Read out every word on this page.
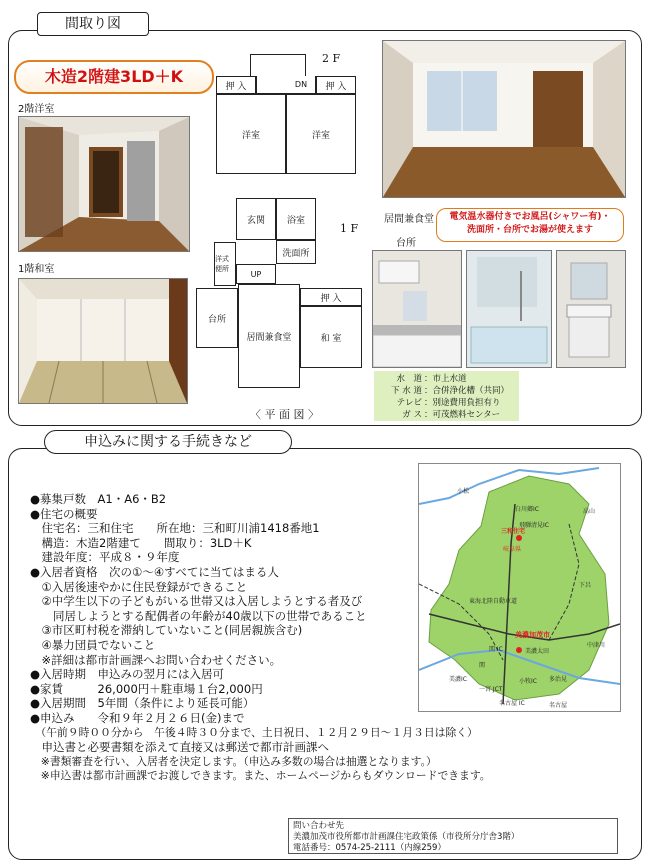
間取り図
木造2階建3LD＋K
2階洋室
1階和室
2 F
押 入	押 入
DN
洋室	洋室
1 F
玄関	浴室
洗面所
洋式便所
UP
台所
居間兼食堂
押 入
和 室
〈 平 面 図 〉
居間兼食堂
台所
電気温水器付きでお風呂(シャワー有)・
洗面所・台所でお湯が使えます
水　道 ：市上水道
下 水 道 ：合併浄化槽（共同）
テレビ ：別途費用負担有り
ガ ス ：可茂燃料センター
申込みに関する手続きなど
三和住宅
岐阜県
東海北陸自動車道
美濃加茂市
関 IC	美濃太田
関
美濃IC
一宮 JCT
名古屋 IC
小牧IC
名古屋
多治見
中津川
高山
下呂
小松
白川郷IC
飛騨清見IC
●募集戸数　A1・A6・B2
●住宅の概要
　住宅名：三和住宅　　所在地：三和町川浦1418番地1
　構造：木造2階建て　　間取り：3LD＋K
　建設年度：平成８・９年度
●入居者資格　次の①～④すべてに当てはまる人
　①入居後速やかに住民登録ができること
　②中学生以下の子どもがいる世帯又は入居しようとする者及び
　　同居しようとする配偶者の年齢が40歳以下の世帯であること
　③市区町村税を滞納していないこと(同居親族含む)
　④暴力団員でないこと
　※詳細は都市計画課へお問い合わせください。
●入居時期　申込みの翌月には入居可
●家賃　　　26,000円＋駐車場１台2,000円
●入居期間　5年間（条件により延長可能）
●申込み　　令和９年２月２６日(金)まで
　（午前９時００分から　午後４時３０分まで、土日祝日、１２月２９日～１月３日は除く）
　申込書と必要書類を添えて直接又は郵送で都市計画課へ
　※書類審査を行い、入居者を決定します。（申込み多数の場合は抽選となります。）
　※申込書は都市計画課でお渡しできます。また、ホームページからもダウンロードできます。
問い合わせ先
美濃加茂市役所都市計画課住宅政策係（市役所分庁舎3階）
電話番号：0574-25-2111（内線259）
